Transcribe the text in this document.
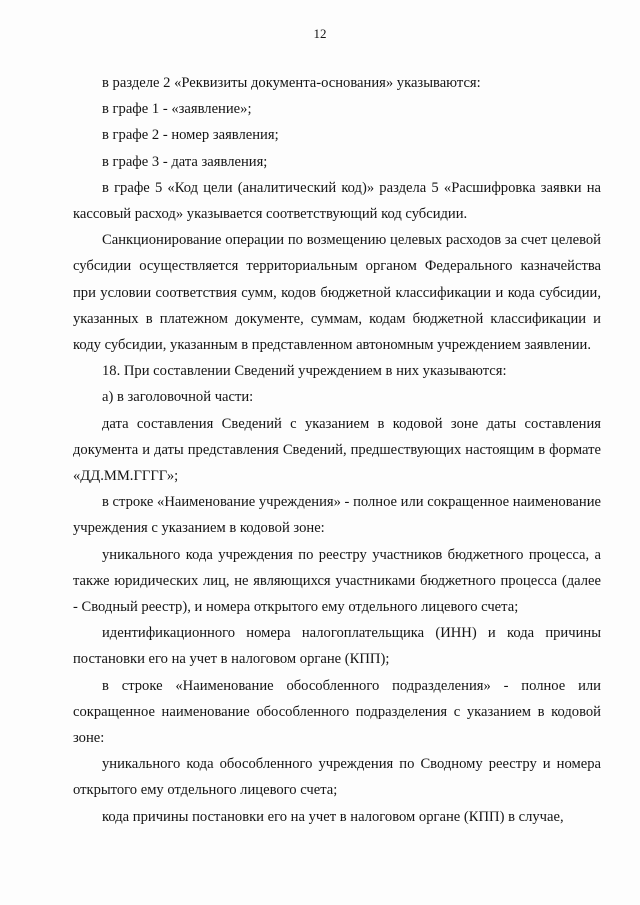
12

в разделе 2 «Реквизиты документа-основания» указываются:

в графе 1 - «заявление»;

в графе 2 - номер заявления;

в графе 3 - дата заявления;

в графе 5 «Код цели (аналитический код)» раздела 5 «Расшифровка заявки на кассовый расход» указывается соответствующий код субсидии.

Санкционирование операции по возмещению целевых расходов за счет целевой субсидии осуществляется территориальным органом Федерального казначейства при условии соответствия сумм, кодов бюджетной классификации и кода субсидии, указанных в платежном документе, суммам, кодам бюджетной классификации и коду субсидии, указанным в представленном автономным учреждением заявлении.

18. При составлении Сведений учреждением в них указываются:

а) в заголовочной части:

дата составления Сведений с указанием в кодовой зоне даты составления документа и даты представления Сведений, предшествующих настоящим в формате «ДД.ММ.ГГГГ»;

в строке «Наименование учреждения» - полное или сокращенное наименование учреждения с указанием в кодовой зоне:

уникального кода учреждения по реестру участников бюджетного процесса, а также юридических лиц, не являющихся участниками бюджетного процесса (далее - Сводный реестр), и номера открытого ему отдельного лицевого счета;

идентификационного номера налогоплательщика (ИНН) и кода причины постановки его на учет в налоговом органе (КПП);

в строке «Наименование обособленного подразделения» - полное или сокращенное наименование обособленного подразделения с указанием в кодовой зоне:

уникального кода обособленного учреждения по Сводному реестру и номера открытого ему отдельного лицевого счета;

кода причины постановки его на учет в налоговом органе (КПП) в случае,
